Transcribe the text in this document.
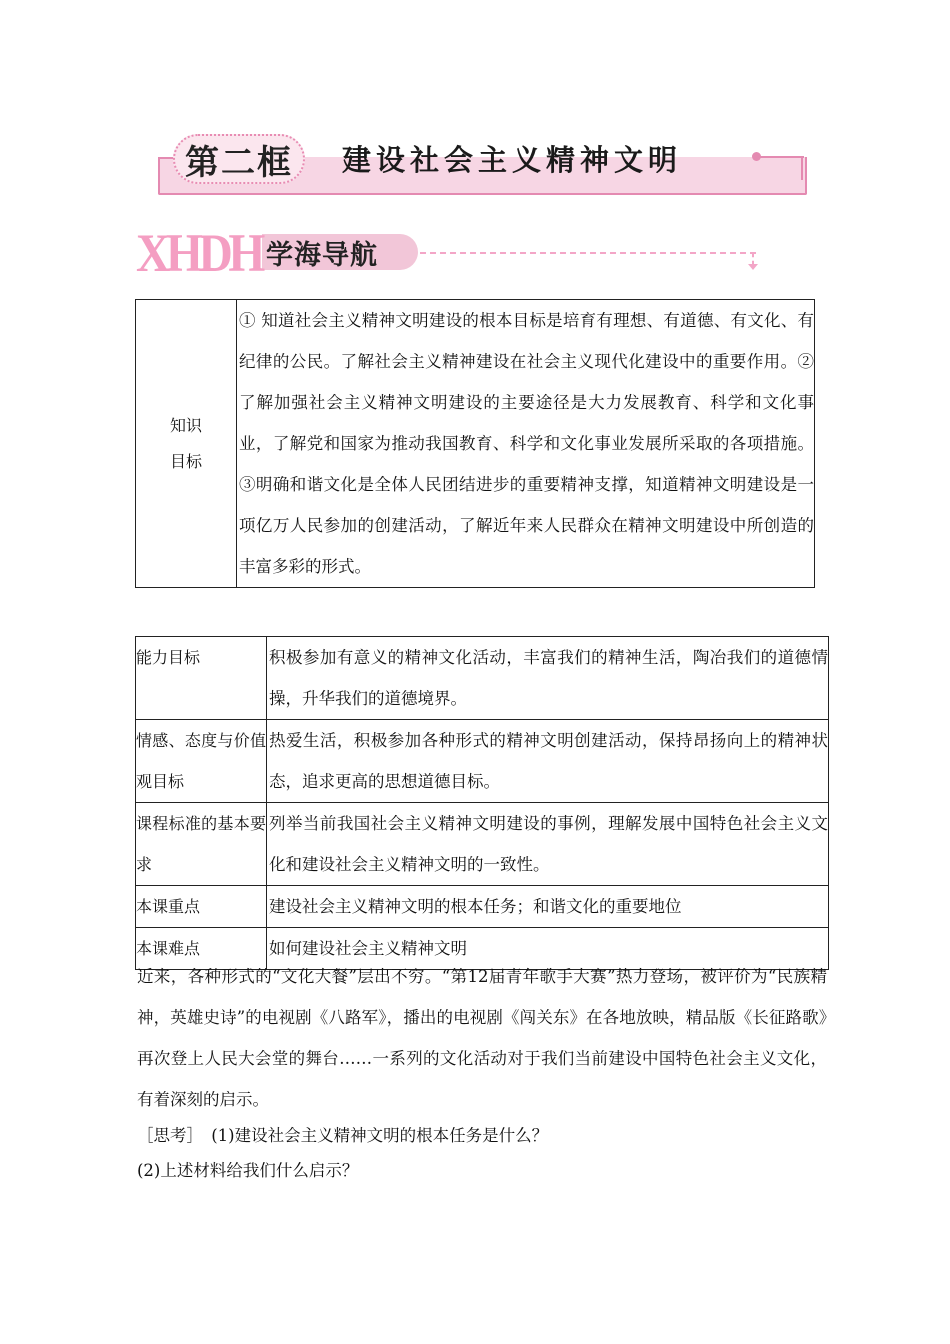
第二框 建设社会主义精神文明
XHDH 学海导航
知识
目标
	① 知道社会主义精神文明建设的根本目标是培育有理想、有道德、有文化、有纪律的公民。了解社会主义精神建设在社会主义现代化建设中的重要作用。②了解加强社会主义精神文明建设的主要途径是大力发展教育、科学和文化事业，了解党和国家为推动我国教育、科学和文化事业发展所采取的各项措施。③明确和谐文化是全体人民团结进步的重要精神支撑，知道精神文明建设是一项亿万人民参加的创建活动，了解近年来人民群众在精神文明建设中所创造的丰富多彩的形式。
能力目标	积极参加有意义的精神文化活动，丰富我们的精神生活，陶冶我们的道德情操，升华我们的道德境界。
情感、态度与价值观目标	热爱生活，积极参加各种形式的精神文明创建活动，保持昂扬向上的精神状态，追求更高的思想道德目标。
课程标准的基本要求	列举当前我国社会主义精神文明建设的事例，理解发展中国特色社会主义文化和建设社会主义精神文明的一致性。
本课重点	建设社会主义精神文明的根本任务；和谐文化的重要地位
本课难点	如何建设社会主义精神文明
近来，各种形式的“文化大餐”层出不穷。“第12届青年歌手大赛”热力登场，被评价为“民族精神，英雄史诗”的电视剧《八路军》，播出的电视剧《闯关东》在各地放映，精品版《长征路歌》再次登上人民大会堂的舞台……一系列的文化活动对于我们当前建设中国特色社会主义文化，有着深刻的启示。
［思考］　(1)建设社会主义精神文明的根本任务是什么？
(2)上述材料给我们什么启示？
